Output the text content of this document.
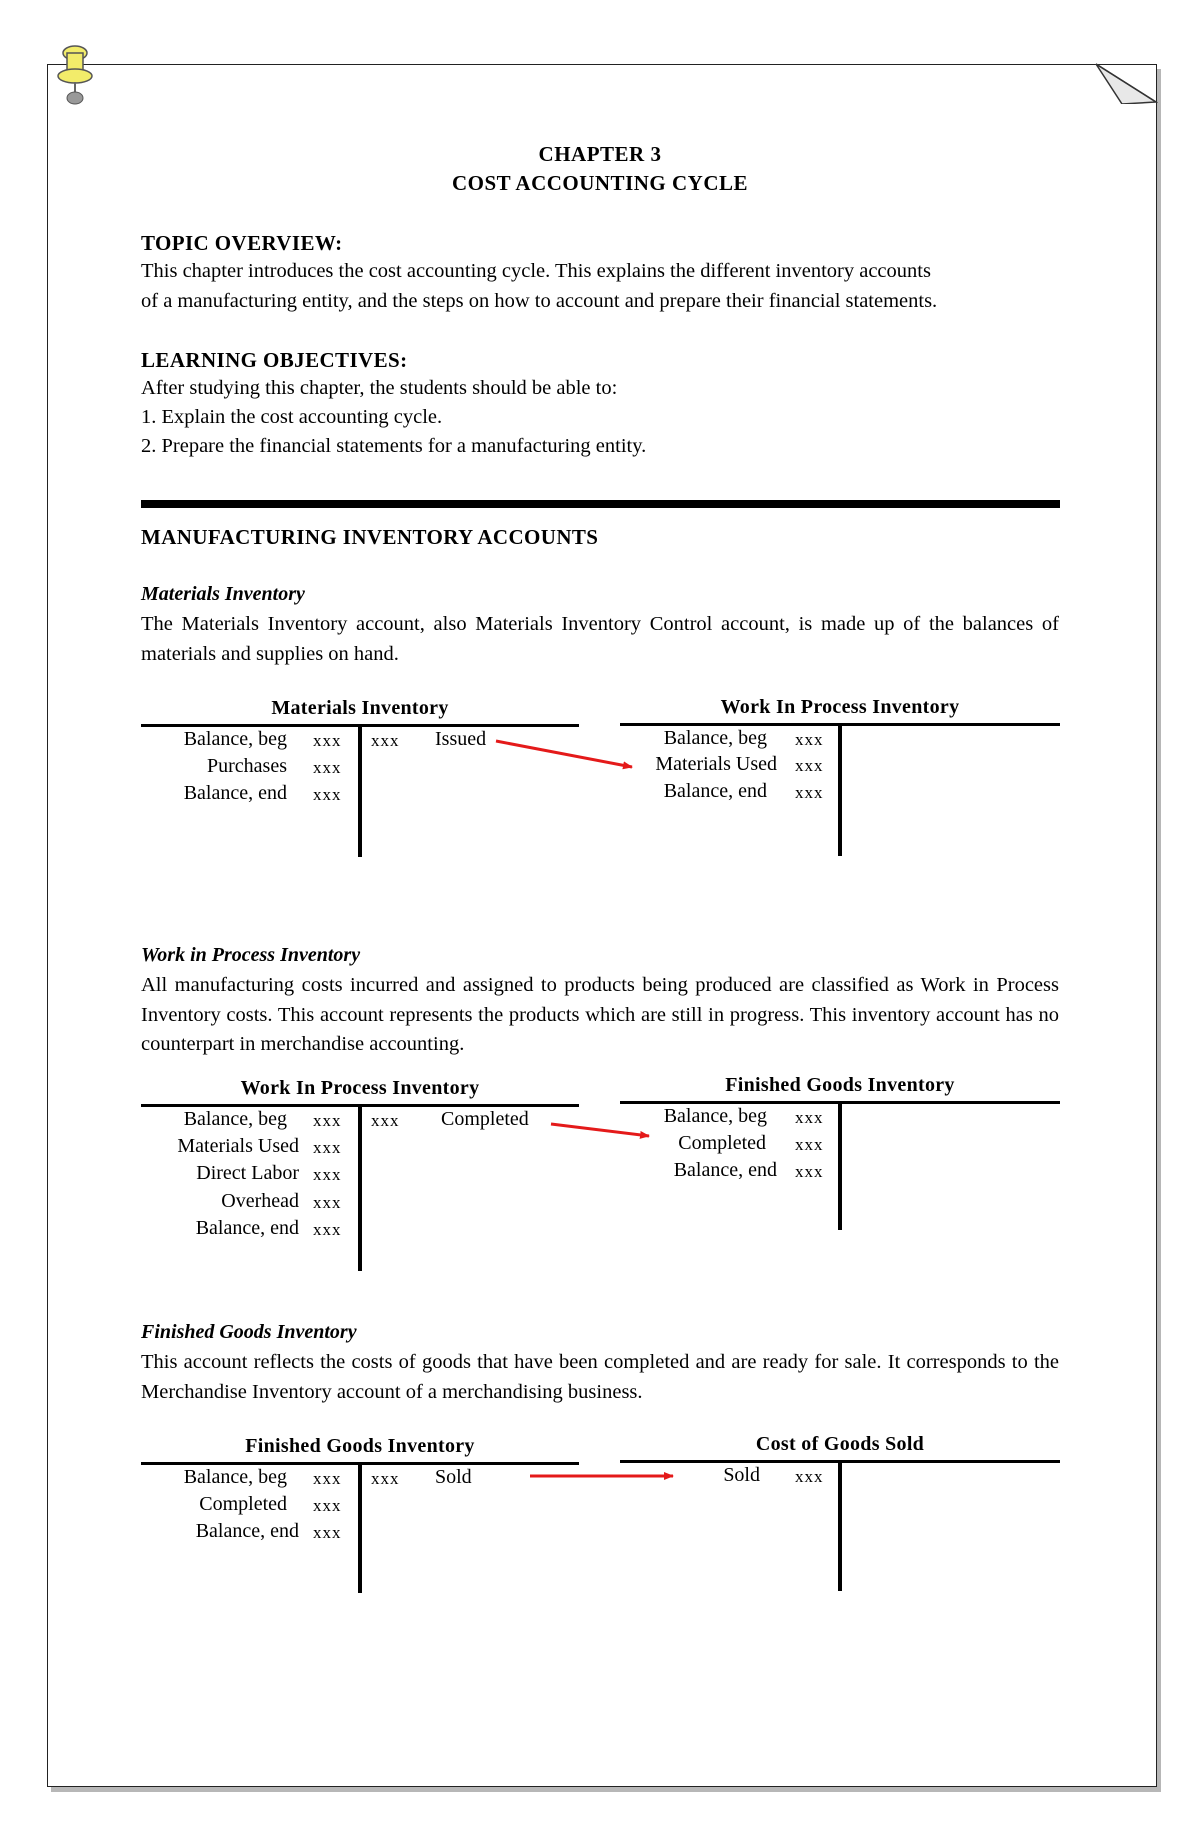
CHAPTER 3
COST ACCOUNTING CYCLE
TOPIC OVERVIEW:
This chapter introduces the cost accounting cycle. This explains the different inventory accounts
of a manufacturing entity, and the steps on how to account and prepare their financial statements.
LEARNING OBJECTIVES:
After studying this chapter, the students should be able to:
1. Explain the cost accounting cycle.
2. Prepare the financial statements for a manufacturing entity.
MANUFACTURING INVENTORY ACCOUNTS
Materials Inventory
The Materials Inventory account, also Materials Inventory Control account, is made up of the balances of materials and supplies on hand.
Materials Inventory
Balance, beg xxx
Purchases xxx
Balance, end xxx
xxx Issued
Work In Process Inventory
Balance, beg xxx
Materials Used xxx
Balance, end xxx
Work in Process Inventory
All manufacturing costs incurred and assigned to products being produced are classified as Work in Process Inventory costs. This account represents the products which are still in progress. This inventory account has no counterpart in merchandise accounting.
Work In Process Inventory
Balance, beg xxx
Materials Used xxx
Direct Labor xxx
Overhead xxx
Balance, end xxx
xxx Completed
Finished Goods Inventory
Balance, beg xxx
Completed xxx
Balance, end xxx
Finished Goods Inventory
This account reflects the costs of goods that have been completed and are ready for sale. It corresponds to the Merchandise Inventory account of a merchandising business.
Finished Goods Inventory
Balance, beg xxx
Completed xxx
Balance, end xxx
xxx Sold
Cost of Goods Sold
Sold xxx
